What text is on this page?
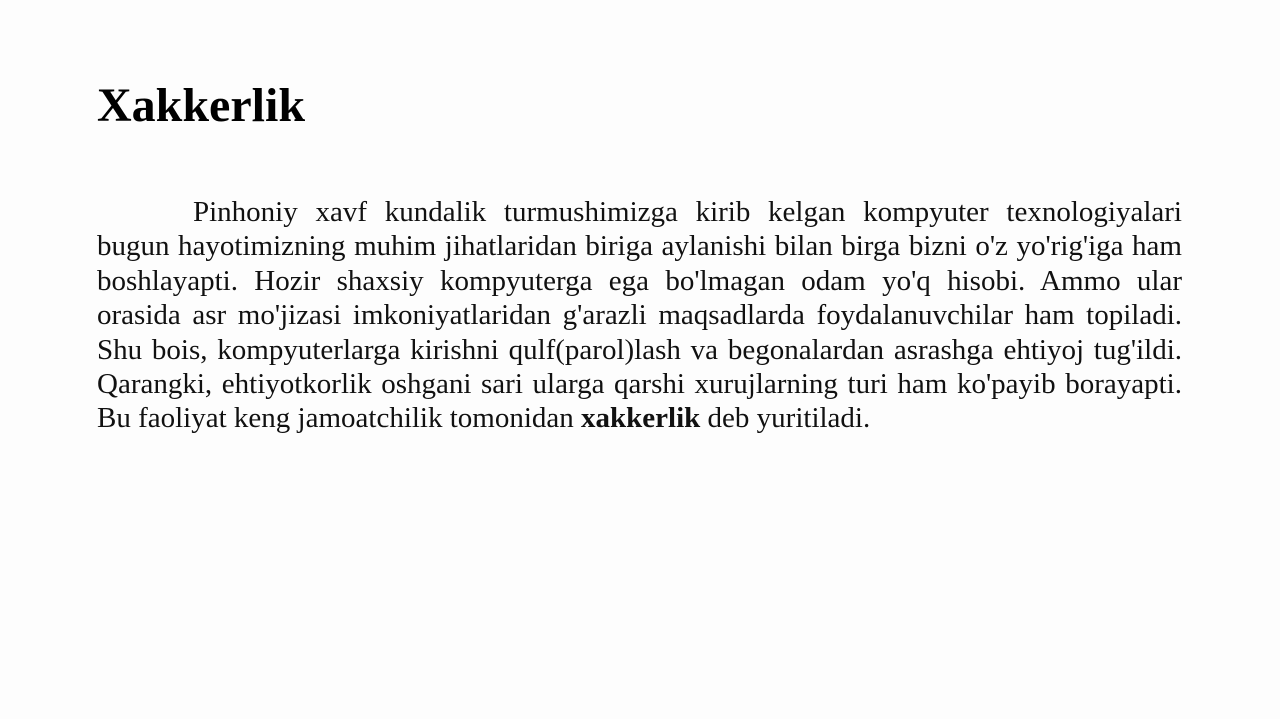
Xakkerlik

Pinhoniy xavf kundalik turmushimizga kirib kelgan kompyuter texnologiyalari bugun hayotimizning muhim jihatlaridan biriga aylanishi bilan birga bizni o'z yo'rig'iga ham boshlayapti. Hozir shaxsiy kompyuterga ega bo'lmagan odam yo'q hisobi. Ammo ular orasida asr mo'jizasi imkoniyatlaridan g'arazli maqsadlarda foydalanuvchilar ham topiladi. Shu bois, kompyuterlarga kirishni qulf(parol)lash va begonalardan asrashga ehtiyoj tug'ildi. Qarangki, ehtiyotkorlik oshgani sari ularga qarshi xurujlarning turi ham ko'payib borayapti. Bu faoliyat keng jamoatchilik tomonidan xakkerlik deb yuritiladi.
